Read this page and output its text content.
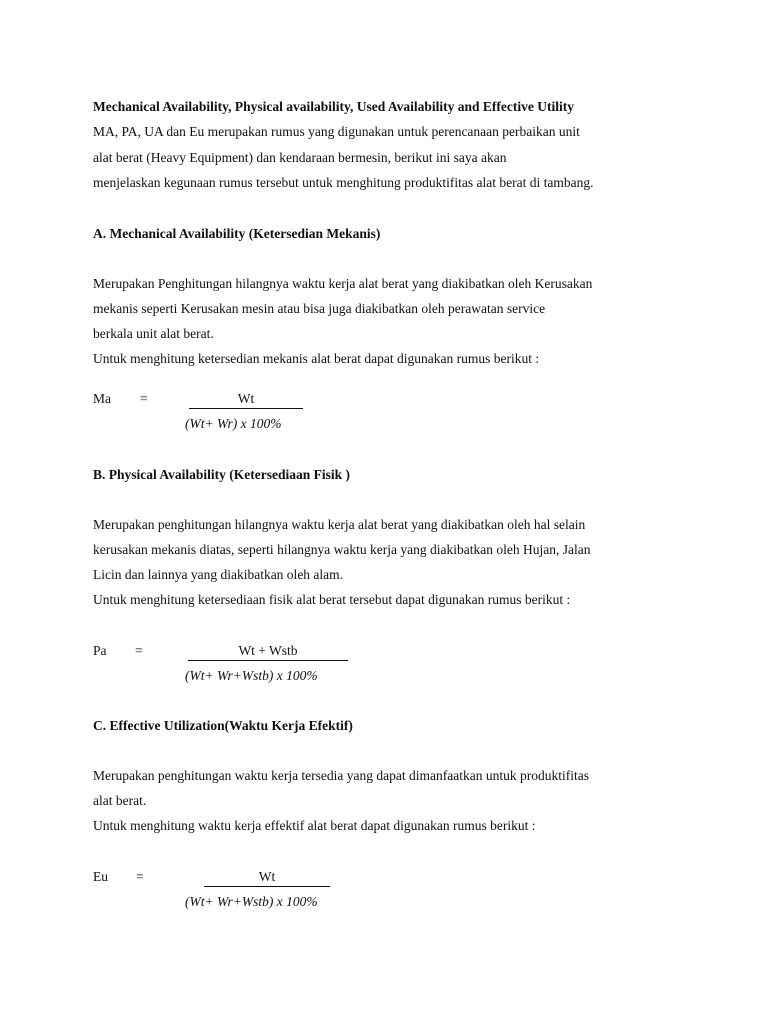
Mechanical Availability, Physical availability, Used Availability and Effective Utility
MA, PA, UA dan Eu merupakan rumus yang digunakan untuk perencanaan perbaikan unit
alat berat (Heavy Equipment) dan kendaraan bermesin, berikut ini saya akan
menjelaskan kegunaan rumus tersebut untuk menghitung produktifitas alat berat di tambang.
A. Mechanical Availability (Ketersedian Mekanis)
Merupakan Penghitungan hilangnya waktu kerja alat berat yang diakibatkan oleh Kerusakan
mekanis seperti Kerusakan mesin atau bisa juga diakibatkan oleh perawatan service
berkala unit alat berat.
Untuk menghitung ketersedian mekanis alat berat dapat digunakan rumus berikut :
Ma =	Wt
(Wt+ Wr) x 100%
B. Physical Availability (Ketersediaan Fisik )
Merupakan penghitungan hilangnya waktu kerja alat berat yang diakibatkan oleh hal selain
kerusakan mekanis diatas, seperti hilangnya waktu kerja yang diakibatkan oleh Hujan, Jalan
Licin dan lainnya yang diakibatkan oleh alam.
Untuk menghitung ketersediaan fisik alat berat tersebut dapat digunakan rumus berikut :
Pa =	Wt + Wstb
(Wt+ Wr+Wstb) x 100%
C. Effective Utilization(Waktu Kerja Efektif)
Merupakan penghitungan waktu kerja tersedia yang dapat dimanfaatkan untuk produktifitas
alat berat.
Untuk menghitung waktu kerja effektif alat berat dapat digunakan rumus berikut :
Eu =	Wt
(Wt+ Wr+Wstb) x 100%
